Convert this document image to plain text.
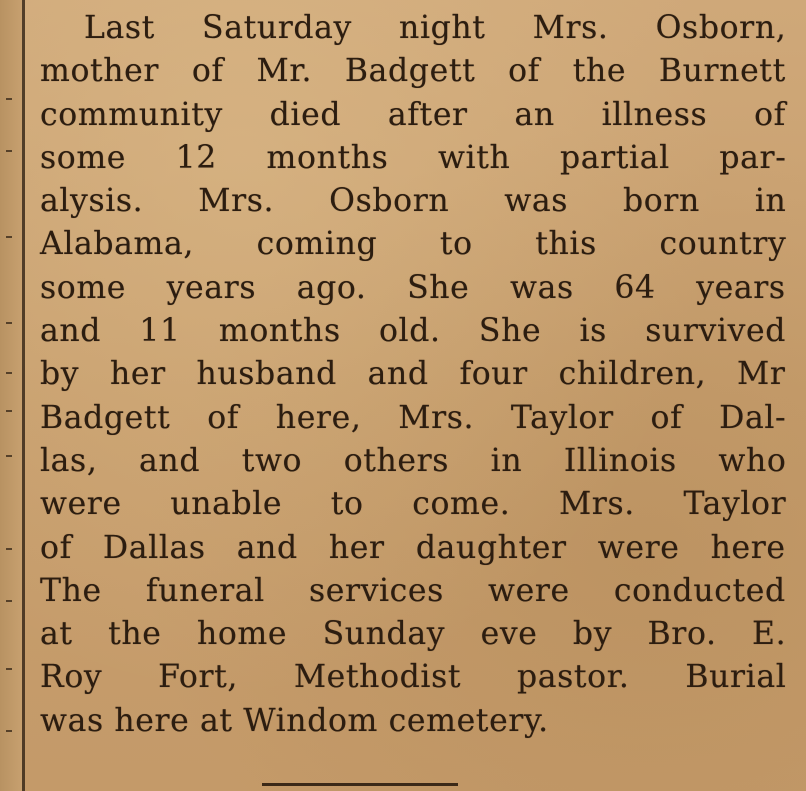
Last Saturday night Mrs. Osborn,
mother of Mr. Badgett of the Burnett
community died after an illness of
some 12 months with partial par-
alysis. Mrs. Osborn was born in
Alabama, coming to this country
some years ago. She was 64 years
and 11 months old. She is survived
by her husband and four children, Mr
Badgett of here, Mrs. Taylor of Dal-
las, and two others in Illinois who
were unable to come. Mrs. Taylor
of Dallas and her daughter were here
The funeral services were conducted
at the home Sunday eve by Bro. E.
Roy Fort, Methodist pastor. Burial
was here at Windom cemetery.
